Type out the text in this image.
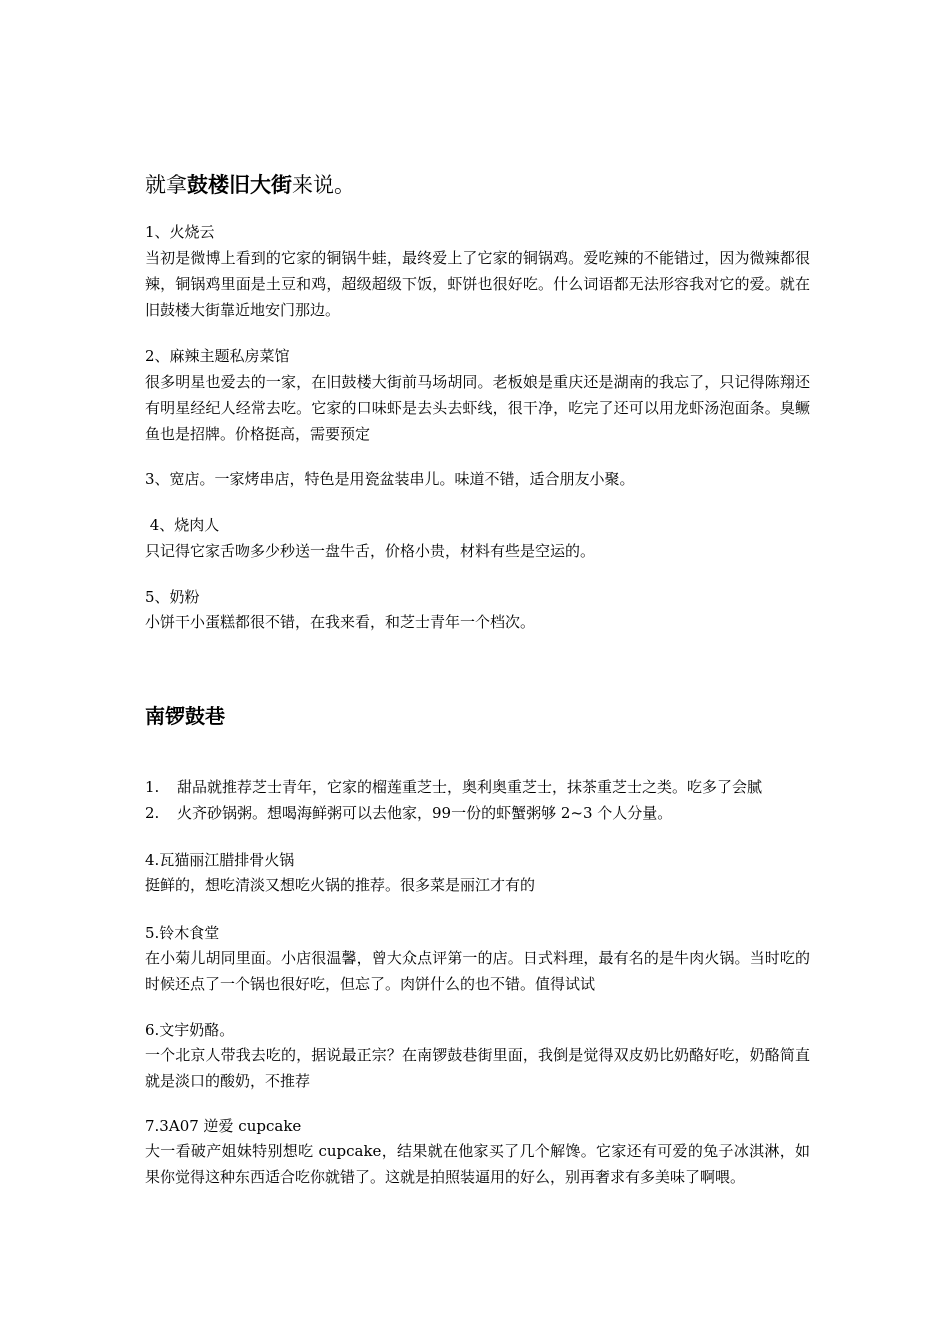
就拿鼓楼旧大街来说。
1、火烧云
当初是微博上看到的它家的铜锅牛蛙，最终爱上了它家的铜锅鸡。爱吃辣的不能错过，因为微辣都很辣，铜锅鸡里面是土豆和鸡，超级超级下饭，虾饼也很好吃。什么词语都无法形容我对它的爱。就在旧鼓楼大街靠近地安门那边。
2、麻辣主题私房菜馆
很多明星也爱去的一家，在旧鼓楼大街前马场胡同。老板娘是重庆还是湖南的我忘了，只记得陈翔还有明星经纪人经常去吃。它家的口味虾是去头去虾线，很干净，吃完了还可以用龙虾汤泡面条。臭鳜鱼也是招牌。价格挺高，需要预定
3、宽店。一家烤串店，特色是用瓷盆装串儿。味道不错，适合朋友小聚。
4、烧肉人
只记得它家舌吻多少秒送一盘牛舌，价格小贵，材料有些是空运的。
5、奶粉
小饼干小蛋糕都很不错，在我来看，和芝士青年一个档次。
南锣鼓巷
1. 甜品就推荐芝士青年，它家的榴莲重芝士，奥利奥重芝士，抹茶重芝士之类。吃多了会腻
2. 火齐砂锅粥。想喝海鲜粥可以去他家，99一份的虾蟹粥够 2~3 个人分量。
4.瓦猫丽江腊排骨火锅
挺鲜的，想吃清淡又想吃火锅的推荐。很多菜是丽江才有的
5.铃木食堂
在小菊儿胡同里面。小店很温馨，曾大众点评第一的店。日式料理，最有名的是牛肉火锅。当时吃的时候还点了一个锅也很好吃，但忘了。肉饼什么的也不错。值得试试
6.文宇奶酪。
一个北京人带我去吃的，据说最正宗？在南锣鼓巷街里面，我倒是觉得双皮奶比奶酪好吃，奶酪简直就是淡口的酸奶，不推荐
7.3A07 逆爱 cupcake
大一看破产姐妹特别想吃 cupcake，结果就在他家买了几个解馋。它家还有可爱的兔子冰淇淋，如果你觉得这种东西适合吃你就错了。这就是拍照装逼用的好么，别再奢求有多美味了啊喂。
